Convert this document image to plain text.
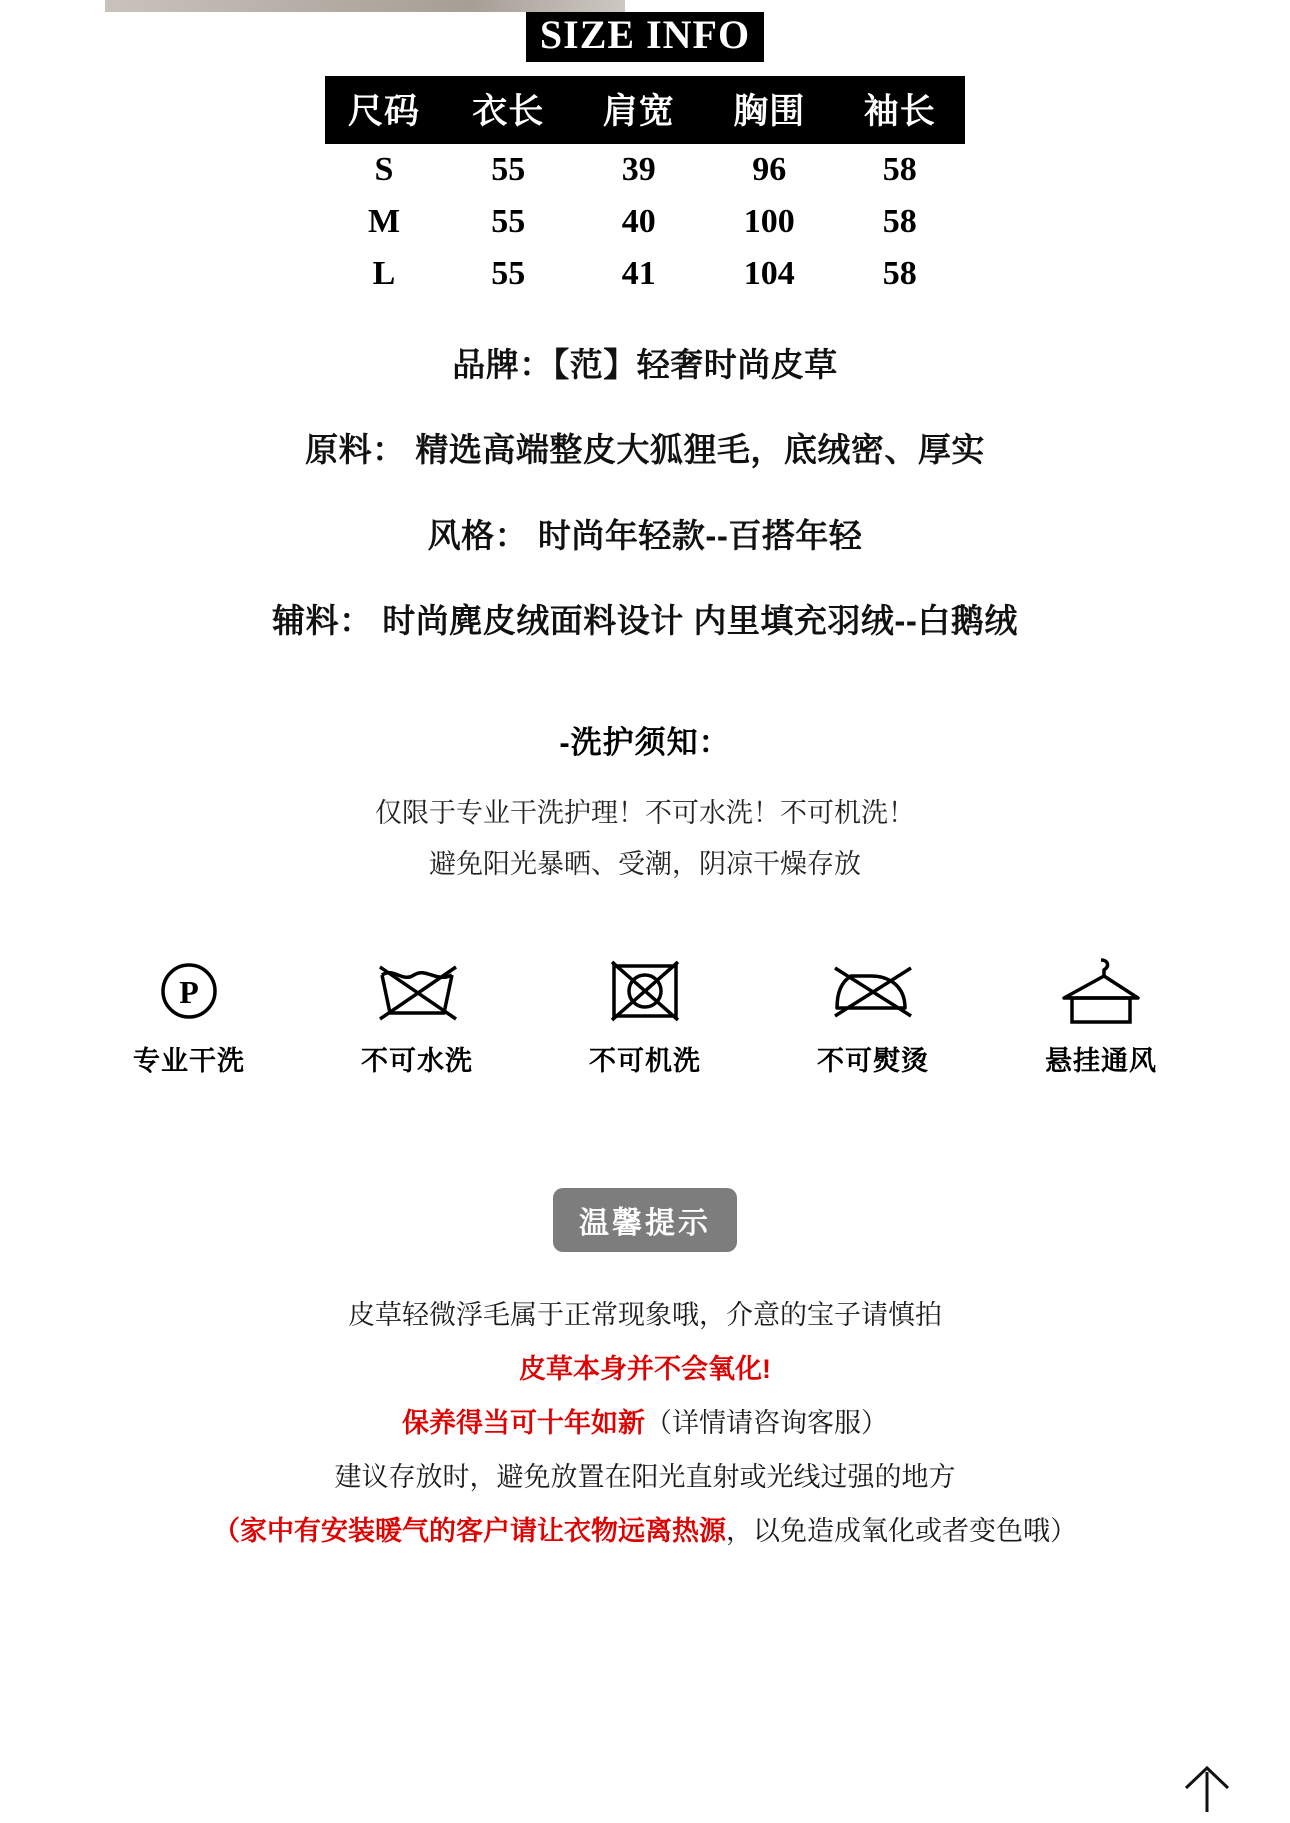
SIZE INFO
尺码	衣长	肩宽	胸围	袖长
S	55	39	96	58
M	55	40	100	58
L	55	41	104	58

品牌：【范】轻奢时尚皮草

原料： 精选高端整皮大狐狸毛，底绒密、厚实

风格： 时尚年轻款--百搭年轻

辅料： 时尚麂皮绒面料设计 内里填充羽绒--白鹅绒

-洗护须知：
仅限于专业干洗护理！不可水洗！不可机洗！
避免阳光暴晒、受潮，阴凉干燥存放
P
专业干洗	不可水洗	不可机洗	不可熨烫	悬挂通风
温馨提示
皮草轻微浮毛属于正常现象哦，介意的宝子请慎拍
皮草本身并不会氧化!
保养得当可十年如新（详情请咨询客服）
建议存放时，避免放置在阳光直射或光线过强的地方
（家中有安装暖气的客户请让衣物远离热源，以免造成氧化或者变色哦）
